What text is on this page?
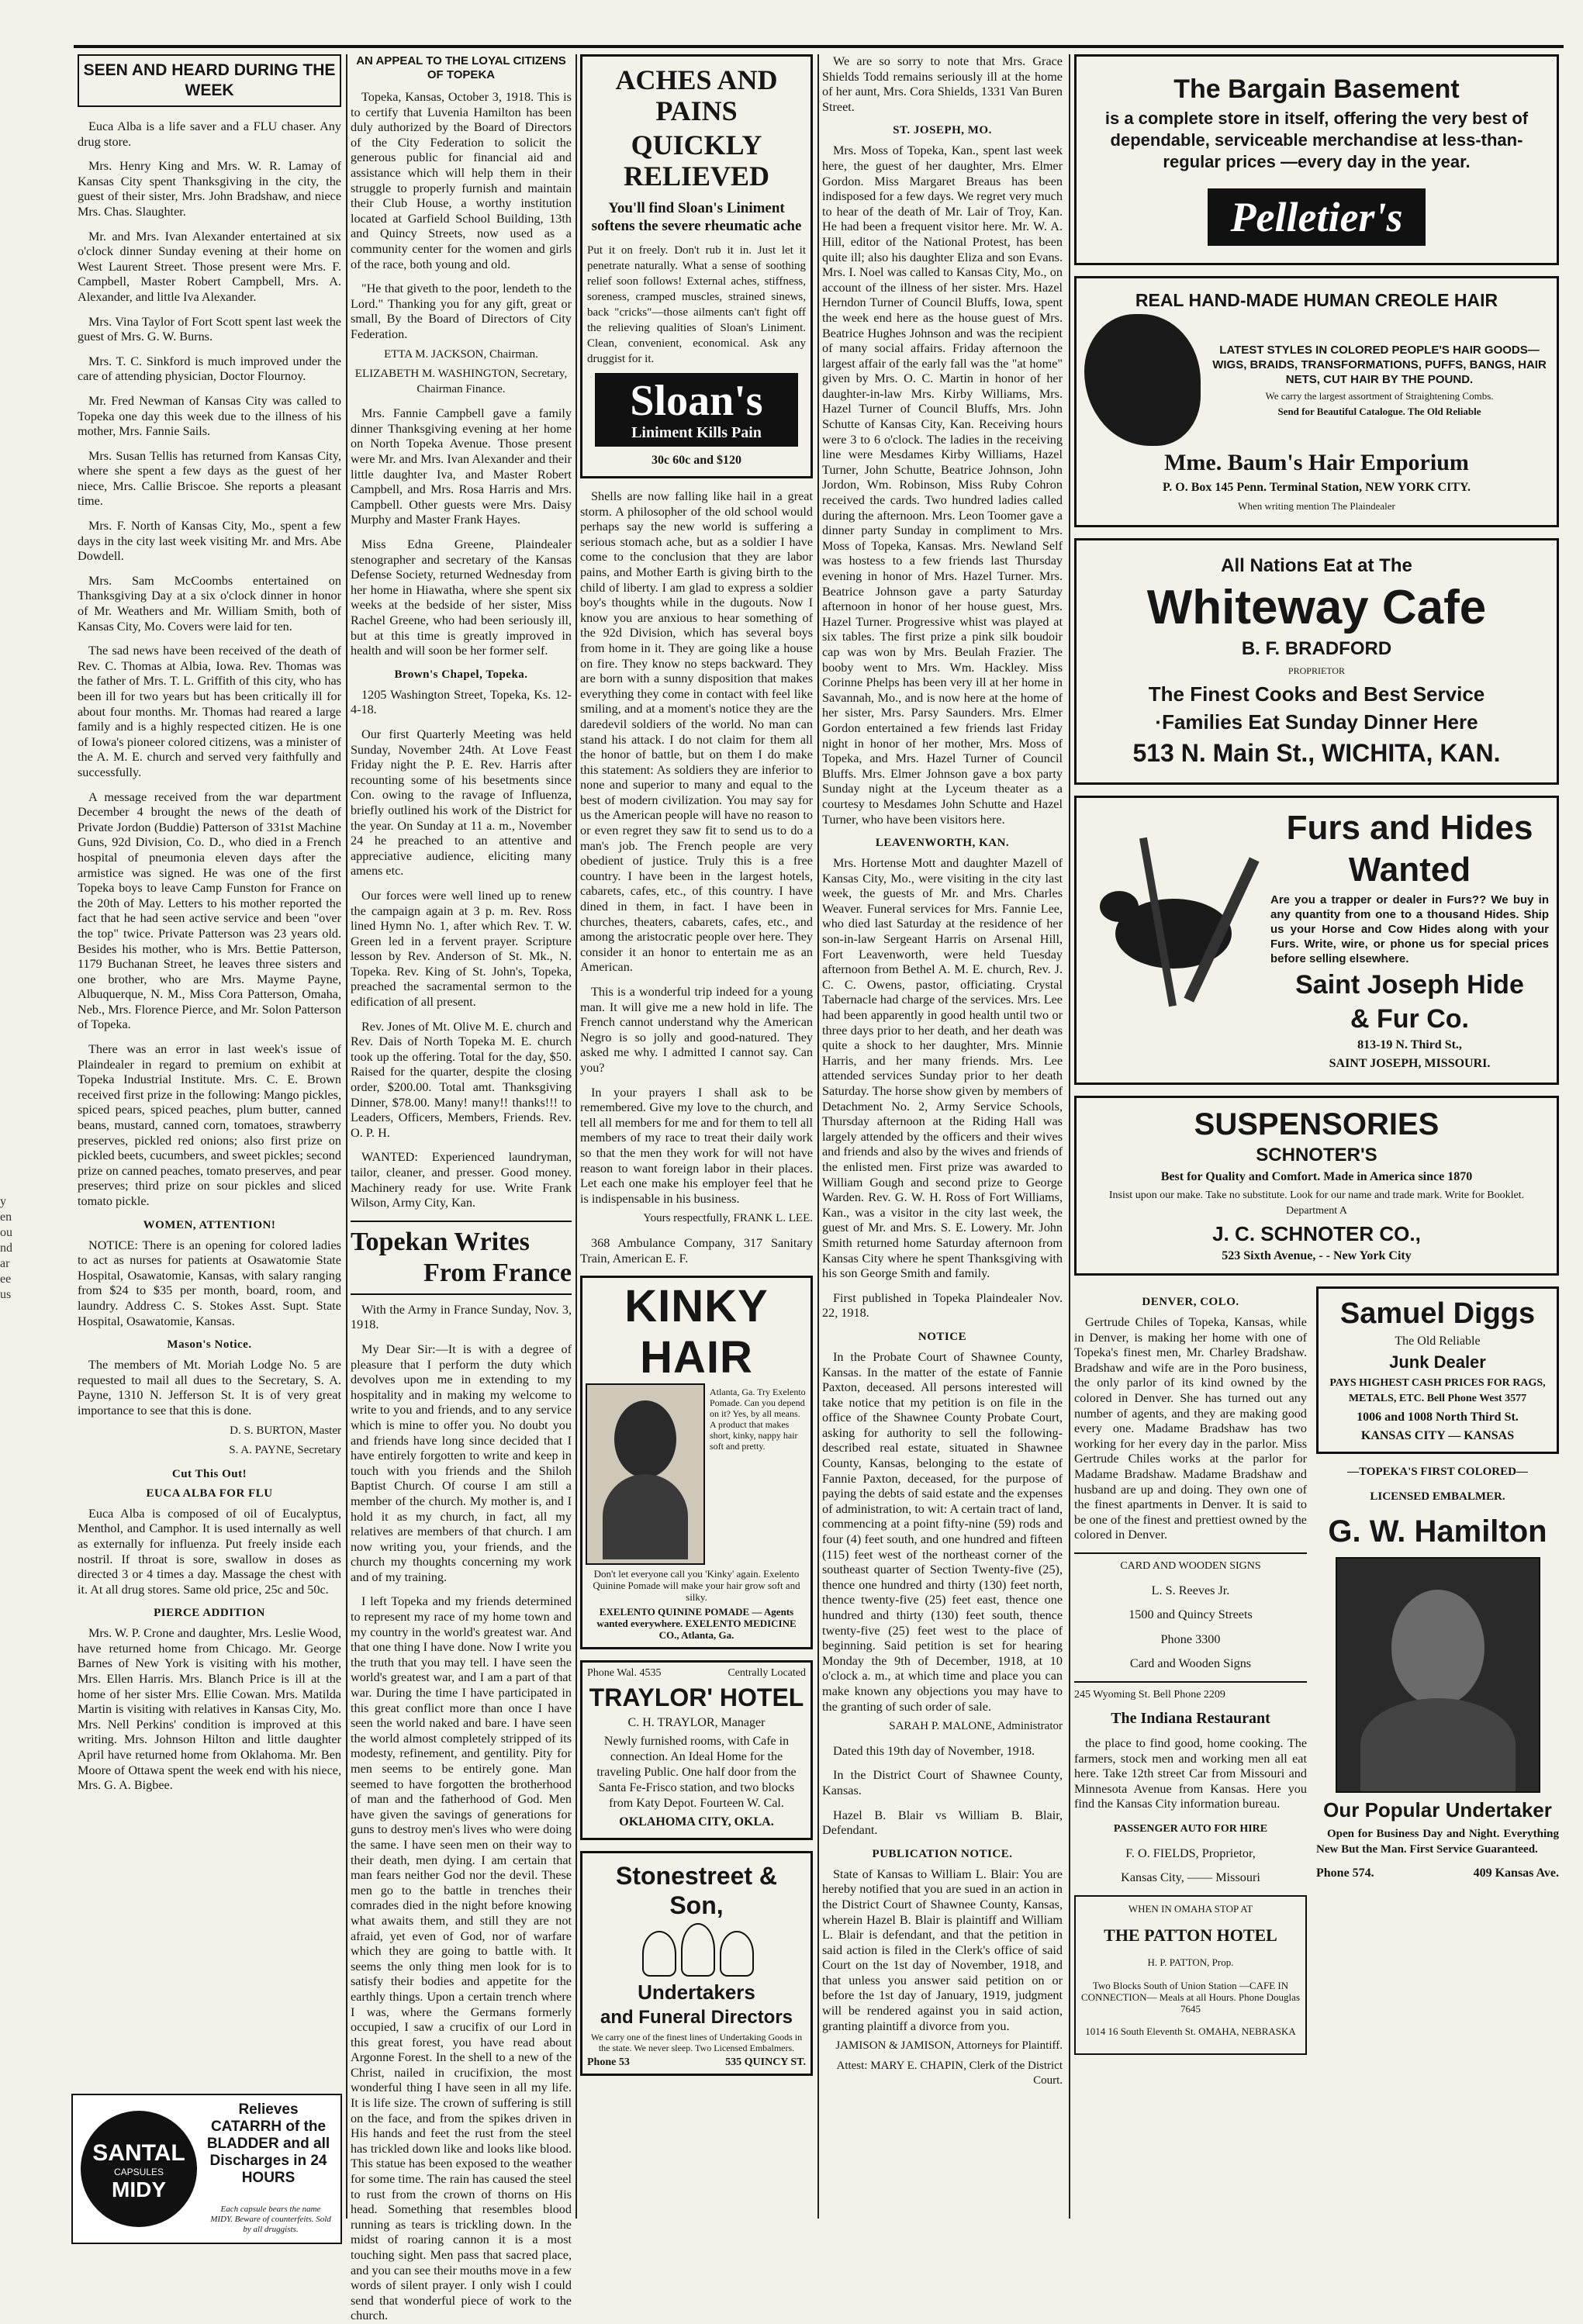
y
en
ou
nd
ar
ee
us
SEEN AND HEARD DURING THE WEEK

Euca Alba is a life saver and a FLU chaser. Any drug store.

Mrs. Henry King and Mrs. W. R. Lamay of Kansas City spent Thanksgiving in the city, the guest of their sister, Mrs. John Bradshaw, and niece Mrs. Chas. Slaughter.

Mr. and Mrs. Ivan Alexander entertained at six o'clock dinner Sunday evening at their home on West Laurent Street. Those present were Mrs. F. Campbell, Master Robert Campbell, Mrs. A. Alexander, and little Iva Alexander.

Mrs. Vina Taylor of Fort Scott spent last week the guest of Mrs. G. W. Burns.

Mrs. T. C. Sinkford is much improved under the care of attending physician, Doctor Flournoy.

Mr. Fred Newman of Kansas City was called to Topeka one day this week due to the illness of his mother, Mrs. Fannie Sails.

Mrs. Susan Tellis has returned from Kansas City, where she spent a few days as the guest of her niece, Mrs. Callie Briscoe. She reports a pleasant time.

Mrs. F. North of Kansas City, Mo., spent a few days in the city last week visiting Mr. and Mrs. Abe Dowdell.

Mrs. Sam McCoombs entertained on Thanksgiving Day at a six o'clock dinner in honor of Mr. Weathers and Mr. William Smith, both of Kansas City, Mo. Covers were laid for ten.

The sad news have been received of the death of Rev. C. Thomas at Albia, Iowa. Rev. Thomas was the father of Mrs. T. L. Griffith of this city, who has been ill for two years but has been critically ill for about four months. Mr. Thomas had reared a large family and is a highly respected citizen. He is one of Iowa's pioneer colored citizens, was a minister of the A. M. E. church and served very faithfully and successfully.

A message received from the war department December 4 brought the news of the death of Private Jordon (Buddie) Patterson of 331st Machine Guns, 92d Division, Co. D., who died in a French hospital of pneumonia eleven days after the armistice was signed. He was one of the first Topeka boys to leave Camp Funston for France on the 20th of May. Letters to his mother reported the fact that he had seen active service and been "over the top" twice. Private Patterson was 23 years old. Besides his mother, who is Mrs. Bettie Patterson, 1179 Buchanan Street, he leaves three sisters and one brother, who are Mrs. Mayme Payne, Albuquerque, N. M., Miss Cora Patterson, Omaha, Neb., Mrs. Florence Pierce, and Mr. Solon Patterson of Topeka.

There was an error in last week's issue of Plaindealer in regard to premium on exhibit at Topeka Industrial Institute. Mrs. C. E. Brown received first prize in the following: Mango pickles, spiced pears, spiced peaches, plum butter, canned beans, mustard, canned corn, tomatoes, strawberry preserves, pickled red onions; also first prize on pickled beets, cucumbers, and sweet pickles; second prize on canned peaches, tomato preserves, and pear preserves; third prize on sour pickles and sliced tomato pickle.

WOMEN, ATTENTION!

NOTICE: There is an opening for colored ladies to act as nurses for patients at Osawatomie State Hospital, Osawatomie, Kansas, with salary ranging from $24 to $35 per month, board, room, and laundry. Address C. S. Stokes Asst. Supt. State Hospital, Osawatomie, Kansas.

Mason's Notice.

The members of Mt. Moriah Lodge No. 5 are requested to mail all dues to the Secretary, S. A. Payne, 1310 N. Jefferson St. It is of very great importance to see that this is done.

D. S. BURTON, Master

S. A. PAYNE, Secretary

Cut This Out!
EUCA ALBA FOR FLU

Euca Alba is composed of oil of Eucalyptus, Menthol, and Camphor. It is used internally as well as externally for influenza. Put freely inside each nostril. If throat is sore, swallow in doses as directed 3 or 4 times a day. Massage the chest with it. At all drug stores. Same old price, 25c and 50c.

PIERCE ADDITION

Mrs. W. P. Crone and daughter, Mrs. Leslie Wood, have returned home from Chicago. Mr. George Barnes of New York is visiting with his mother, Mrs. Ellen Harris. Mrs. Blanch Price is ill at the home of her sister Mrs. Ellie Cowan. Mrs. Matilda Martin is visiting with relatives in Kansas City, Mo. Mrs. Nell Perkins' condition is improved at this writing. Mrs. Johnson Hilton and little daughter April have returned home from Oklahoma. Mr. Ben Moore of Ottawa spent the week end with his niece, Mrs. G. A. Bigbee.

Relieves CATARRH of the BLADDER and all Discharges in 24 HOURS
SANTAL
CAPSULES
MIDY
Each capsule bears the name MIDY. Beware of counterfeits. Sold by all druggists.
AN APPEAL TO THE LOYAL CITIZENS OF TOPEKA

Topeka, Kansas, October 3, 1918. This is to certify that Luvenia Hamilton has been duly authorized by the Board of Directors of the City Federation to solicit the generous public for financial aid and assistance which will help them in their struggle to properly furnish and maintain their Club House, a worthy institution located at Garfield School Building, 13th and Quincy Streets, now used as a community center for the women and girls of the race, both young and old.

"He that giveth to the poor, lendeth to the Lord." Thanking you for any gift, great or small, By the Board of Directors of City Federation.

ETTA M. JACKSON, Chairman.

ELIZABETH M. WASHINGTON, Secretary, Chairman Finance.

Mrs. Fannie Campbell gave a family dinner Thanksgiving evening at her home on North Topeka Avenue. Those present were Mr. and Mrs. Ivan Alexander and their little daughter Iva, and Master Robert Campbell, and Mrs. Rosa Harris and Mrs. Campbell. Other guests were Mrs. Daisy Murphy and Master Frank Hayes.

Miss Edna Greene, Plaindealer stenographer and secretary of the Kansas Defense Society, returned Wednesday from her home in Hiawatha, where she spent six weeks at the bedside of her sister, Miss Rachel Greene, who had been seriously ill, but at this time is greatly improved in health and will soon be her former self.

Brown's Chapel, Topeka.

1205 Washington Street, Topeka, Ks. 12-4-18.

Our first Quarterly Meeting was held Sunday, November 24th. At Love Feast Friday night the P. E. Rev. Harris after recounting some of his besetments since Con. owing to the ravage of Influenza, briefly outlined his work of the District for the year. On Sunday at 11 a. m., November 24 he preached to an attentive and appreciative audience, eliciting many amens etc.

Our forces were well lined up to renew the campaign again at 3 p. m. Rev. Ross lined Hymn No. 1, after which Rev. T. W. Green led in a fervent prayer. Scripture lesson by Rev. Anderson of St. Mk., N. Topeka. Rev. King of St. John's, Topeka, preached the sacramental sermon to the edification of all present.

Rev. Jones of Mt. Olive M. E. church and Rev. Dais of North Topeka M. E. church took up the offering. Total for the day, $50. Raised for the quarter, despite the closing order, $200.00. Total amt. Thanksgiving Dinner, $78.00. Many! many!! thanks!!! to Leaders, Officers, Members, Friends. Rev. O. P. H.

WANTED: Experienced laundryman, tailor, cleaner, and presser. Good money. Machinery ready for use. Write Frank Wilson, Army City, Kan.

Topekan Writes
From France

With the Army in France Sunday, Nov. 3, 1918.

My Dear Sir:—It is with a degree of pleasure that I perform the duty which devolves upon me in extending to my hospitality and in making my welcome to write to you and friends, and to any service which is mine to offer you. No doubt you and friends have long since decided that I have entirely forgotten to write and keep in touch with you friends and the Shiloh Baptist Church. Of course I am still a member of the church. My mother is, and I hold it as my church, in fact, all my relatives are members of that church. I am now writing you, your friends, and the church my thoughts concerning my work and of my training.

I left Topeka and my friends determined to represent my race of my home town and my country in the world's greatest war. And that one thing I have done. Now I write you the truth that you may tell. I have seen the world's greatest war, and I am a part of that war. During the time I have participated in this great conflict more than once I have seen the world naked and bare. I have seen the world almost completely stripped of its modesty, refinement, and gentility. Pity for men seems to be entirely gone. Man seemed to have forgotten the brotherhood of man and the fatherhood of God. Men have given the savings of generations for guns to destroy men's lives who were doing the same. I have seen men on their way to their death, men dying. I am certain that man fears neither God nor the devil. These men go to the battle in trenches their comrades died in the night before knowing what awaits them, and still they are not afraid, yet even of God, nor of warfare which they are going to battle with. It seems the only thing men look for is to satisfy their bodies and appetite for the earthly things. Upon a certain trench where I was, where the Germans formerly occupied, I saw a crucifix of our Lord in this great forest, you have read about Argonne Forest. In the shell to a new of the Christ, nailed in crucifixion, the most wonderful thing I have seen in all my life. It is life size. The crown of suffering is still on the face, and from the spikes driven in His hands and feet the rust from the steel has trickled down like and looks like blood. This statue has been exposed to the weather for some time. The rain has caused the steel to rust from the crown of thorns on His head. Something that resembles blood running as tears is trickling down. In the midst of roaring cannon it is a most touching sight. Men pass that sacred place, and you can see their mouths move in a few words of silent prayer. I only wish I could send that wonderful piece of work to the church.

ACHES AND PAINS
QUICKLY RELIEVED

You'll find Sloan's Liniment softens the severe rheumatic ache

Put it on freely. Don't rub it in. Just let it penetrate naturally. What a sense of soothing relief soon follows! External aches, stiffness, soreness, cramped muscles, strained sinews, back "cricks"—those ailments can't fight off the relieving qualities of Sloan's Liniment. Clean, convenient, economical. Ask any druggist for it.

Sloan's
Liniment Kills Pain

30c 60c and $120

Shells are now falling like hail in a great storm. A philosopher of the old school would perhaps say the new world is suffering a serious stomach ache, but as a soldier I have come to the conclusion that they are labor pains, and Mother Earth is giving birth to the child of liberty. I am glad to express a soldier boy's thoughts while in the dugouts. Now I know you are anxious to hear something of the 92d Division, which has several boys from home in it. They are going like a house on fire. They know no steps backward. They are born with a sunny disposition that makes everything they come in contact with feel like smiling, and at a moment's notice they are the daredevil soldiers of the world. No man can stand his attack. I do not claim for them all the honor of battle, but on them I do make this statement: As soldiers they are inferior to none and superior to many and equal to the best of modern civilization. You may say for us the American people will have no reason to or even regret they saw fit to send us to do a man's job. The French people are very obedient of justice. Truly this is a free country. I have been in the largest hotels, cabarets, cafes, etc., of this country. I have dined in them, in fact. I have been in churches, theaters, cabarets, cafes, etc., and among the aristocratic people over here. They consider it an honor to entertain me as an American.

This is a wonderful trip indeed for a young man. It will give me a new hold in life. The French cannot understand why the American Negro is so jolly and good-natured. They asked me why. I admitted I cannot say. Can you?

In your prayers I shall ask to be remembered. Give my love to the church, and tell all members for me and for them to tell all members of my race to treat their daily work so that the men they work for will not have reason to want foreign labor in their places. Let each one make his employer feel that he is indispensable in his business.

Yours respectfully, FRANK L. LEE.

368 Ambulance Company, 317 Sanitary Train, American E. F.

KINKY HAIR

Atlanta, Ga. Try Exelento Pomade. Can you depend on it? Yes, by all means. A product that makes short, kinky, nappy hair soft and pretty.

Don't let everyone call you 'Kinky' again. Exelento Quinine Pomade will make your hair grow soft and silky.

EXELENTO QUININE POMADE — Agents wanted everywhere. EXELENTO MEDICINE CO., Atlanta, Ga.

Phone Wal. 4535	Centrally Located
TRAYLOR' HOTEL

C. H. TRAYLOR, Manager

Newly furnished rooms, with Cafe in connection. An Ideal Home for the traveling Public. One half door from the Santa Fe-Frisco station, and two blocks from Katy Depot. Fourteen W. Cal.

OKLAHOMA CITY, OKLA.

Stonestreet & Son,
Undertakers
and Funeral Directors

We carry one of the finest lines of Undertaking Goods in the state. We never sleep. Two Licensed Embalmers.

Phone 53	535 QUINCY ST.

We are so sorry to note that Mrs. Grace Shields Todd remains seriously ill at the home of her aunt, Mrs. Cora Shields, 1331 Van Buren Street.

ST. JOSEPH, MO.

Mrs. Moss of Topeka, Kan., spent last week here, the guest of her daughter, Mrs. Elmer Gordon. Miss Margaret Breaus has been indisposed for a few days. We regret very much to hear of the death of Mr. Lair of Troy, Kan. He had been a frequent visitor here. Mr. W. A. Hill, editor of the National Protest, has been quite ill; also his daughter Eliza and son Evans. Mrs. I. Noel was called to Kansas City, Mo., on account of the illness of her sister. Mrs. Hazel Herndon Turner of Council Bluffs, Iowa, spent the week end here as the house guest of Mrs. Beatrice Hughes Johnson and was the recipient of many social affairs. Friday afternoon the largest affair of the early fall was the "at home" given by Mrs. O. C. Martin in honor of her daughter-in-law Mrs. Kirby Williams, Mrs. Hazel Turner of Council Bluffs, Mrs. John Schutte of Kansas City, Kan. Receiving hours were 3 to 6 o'clock. The ladies in the receiving line were Mesdames Kirby Williams, Hazel Turner, John Schutte, Beatrice Johnson, John Jordon, Wm. Robinson, Miss Ruby Cohron received the cards. Two hundred ladies called during the afternoon. Mrs. Leon Toomer gave a dinner party Sunday in compliment to Mrs. Moss of Topeka, Kansas. Mrs. Newland Self was hostess to a few friends last Thursday evening in honor of Mrs. Hazel Turner. Mrs. Beatrice Johnson gave a party Saturday afternoon in honor of her house guest, Mrs. Hazel Turner. Progressive whist was played at six tables. The first prize a pink silk boudoir cap was won by Mrs. Beulah Frazier. The booby went to Mrs. Wm. Hackley. Miss Corinne Phelps has been very ill at her home in Savannah, Mo., and is now here at the home of her sister, Mrs. Parsy Saunders. Mrs. Elmer Gordon entertained a few friends last Friday night in honor of her mother, Mrs. Moss of Topeka, and Mrs. Hazel Turner of Council Bluffs. Mrs. Elmer Johnson gave a box party Sunday night at the Lyceum theater as a courtesy to Mesdames John Schutte and Hazel Turner, who have been visitors here.

LEAVENWORTH, KAN.

Mrs. Hortense Mott and daughter Mazell of Kansas City, Mo., were visiting in the city last week, the guests of Mr. and Mrs. Charles Weaver. Funeral services for Mrs. Fannie Lee, who died last Saturday at the residence of her son-in-law Sergeant Harris on Arsenal Hill, Fort Leavenworth, were held Tuesday afternoon from Bethel A. M. E. church, Rev. J. C. C. Owens, pastor, officiating. Crystal Tabernacle had charge of the services. Mrs. Lee had been apparently in good health until two or three days prior to her death, and her death was quite a shock to her daughter, Mrs. Minnie Harris, and her many friends. Mrs. Lee attended services Sunday prior to her death Saturday. The horse show given by members of Detachment No. 2, Army Service Schools, Thursday afternoon at the Riding Hall was largely attended by the officers and their wives and friends and also by the wives and friends of the enlisted men. First prize was awarded to William Gough and second prize to George Warden. Rev. G. W. H. Ross of Fort Williams, Kan., was a visitor in the city last week, the guest of Mr. and Mrs. S. E. Lowery. Mr. John Smith returned home Saturday afternoon from Kansas City where he spent Thanksgiving with his son George Smith and family.

First published in Topeka Plaindealer Nov. 22, 1918.

NOTICE

In the Probate Court of Shawnee County, Kansas. In the matter of the estate of Fannie Paxton, deceased. All persons interested will take notice that my petition is on file in the office of the Shawnee County Probate Court, asking for authority to sell the following-described real estate, situated in Shawnee County, Kansas, belonging to the estate of Fannie Paxton, deceased, for the purpose of paying the debts of said estate and the expenses of administration, to wit: A certain tract of land, commencing at a point fifty-nine (59) rods and four (4) feet south, and one hundred and fifteen (115) feet west of the northeast corner of the southeast quarter of Section Twenty-five (25), thence one hundred and thirty (130) feet north, thence twenty-five (25) feet east, thence one hundred and thirty (130) feet south, thence twenty-five (25) feet west to the place of beginning. Said petition is set for hearing Monday the 9th of December, 1918, at 10 o'clock a. m., at which time and place you can make known any objections you may have to the granting of such order of sale.

SARAH P. MALONE, Administrator

Dated this 19th day of November, 1918.

In the District Court of Shawnee County, Kansas.

Hazel B. Blair vs William B. Blair, Defendant.

PUBLICATION NOTICE.

State of Kansas to William L. Blair: You are hereby notified that you are sued in an action in the District Court of Shawnee County, Kansas, wherein Hazel B. Blair is plaintiff and William L. Blair is defendant, and that the petition in said action is filed in the Clerk's office of said Court on the 1st day of November, 1918, and that unless you answer said petition on or before the 1st day of January, 1919, judgment will be rendered against you in said action, granting plaintiff a divorce from you.

JAMISON & JAMISON, Attorneys for Plaintiff.

Attest: MARY E. CHAPIN, Clerk of the District Court.

The Bargain Basement

is a complete store in itself, offering the very best of dependable, serviceable merchandise at less-than-regular prices —every day in the year.

Pelletier's
REAL HAND-MADE HUMAN CREOLE HAIR

LATEST STYLES IN COLORED PEOPLE'S HAIR GOODS—WIGS, BRAIDS, TRANSFORMATIONS, PUFFS, BANGS, HAIR NETS, CUT HAIR BY THE POUND.

We carry the largest assortment of Straightening Combs.

Send for Beautiful Catalogue. The Old Reliable

Mme. Baum's Hair Emporium

P. O. Box 145 Penn. Terminal Station, NEW YORK CITY.

When writing mention The Plaindealer

All Nations Eat at The

Whiteway Cafe

B. F. BRADFORD

PROPRIETOR

The Finest Cooks and Best Service

·Families Eat Sunday Dinner Here

513 N. Main St., WICHITA, KAN.

Furs and Hides
Wanted

Are you a trapper or dealer in Furs?? We buy in any quantity from one to a thousand Hides. Ship us your Horse and Cow Hides along with your Furs. Write, wire, or phone us for special prices before selling elsewhere.

Saint Joseph Hide
& Fur Co.

813-19 N. Third St.,

SAINT JOSEPH, MISSOURI.

SUSPENSORIES
SCHNOTER'S

Best for Quality and Comfort. Made in America since 1870

Insist upon our make. Take no substitute. Look for our name and trade mark. Write for Booklet. Department A

J. C. SCHNOTER CO.,

523 Sixth Avenue, - - New York City

DENVER, COLO.

Gertrude Chiles of Topeka, Kansas, while in Denver, is making her home with one of Topeka's finest men, Mr. Charley Bradshaw. Bradshaw and wife are in the Poro business, the only parlor of its kind owned by the colored in Denver. She has turned out any number of agents, and they are making good every one. Madame Bradshaw has two working for her every day in the parlor. Miss Gertrude Chiles works at the parlor for Madame Bradshaw. Madame Bradshaw and husband are up and doing. They own one of the finest apartments in Denver. It is said to be one of the finest and prettiest owned by the colored in Denver.

CARD AND WOODEN SIGNS

L. S. Reeves Jr.

1500 and Quincy Streets

Phone 3300

Card and Wooden Signs

245 Wyoming St. Bell Phone 2209

The Indiana Restaurant

the place to find good, home cooking. The farmers, stock men and working men all eat here. Take 12th street Car from Missouri and Minnesota Avenue from Kansas. Here you find the Kansas City information bureau.

PASSENGER AUTO FOR HIRE

F. O. FIELDS, Proprietor,

Kansas City, —— Missouri

WHEN IN OMAHA STOP AT

THE PATTON HOTEL

H. P. PATTON, Prop.

Two Blocks South of Union Station —CAFE IN CONNECTION— Meals at all Hours. Phone Douglas 7645

1014 16 South Eleventh St. OMAHA, NEBRASKA

Samuel Diggs

The Old Reliable

Junk Dealer

PAYS HIGHEST CASH PRICES FOR RAGS, METALS, ETC. Bell Phone West 3577

1006 and 1008 North Third St.

KANSAS CITY — KANSAS

—TOPEKA'S FIRST COLORED—

LICENSED EMBALMER.

G. W. Hamilton
Our Popular Undertaker

Open for Business Day and Night. Everything New But the Man. First Service Guaranteed.

Phone 574.	409 Kansas Ave.
